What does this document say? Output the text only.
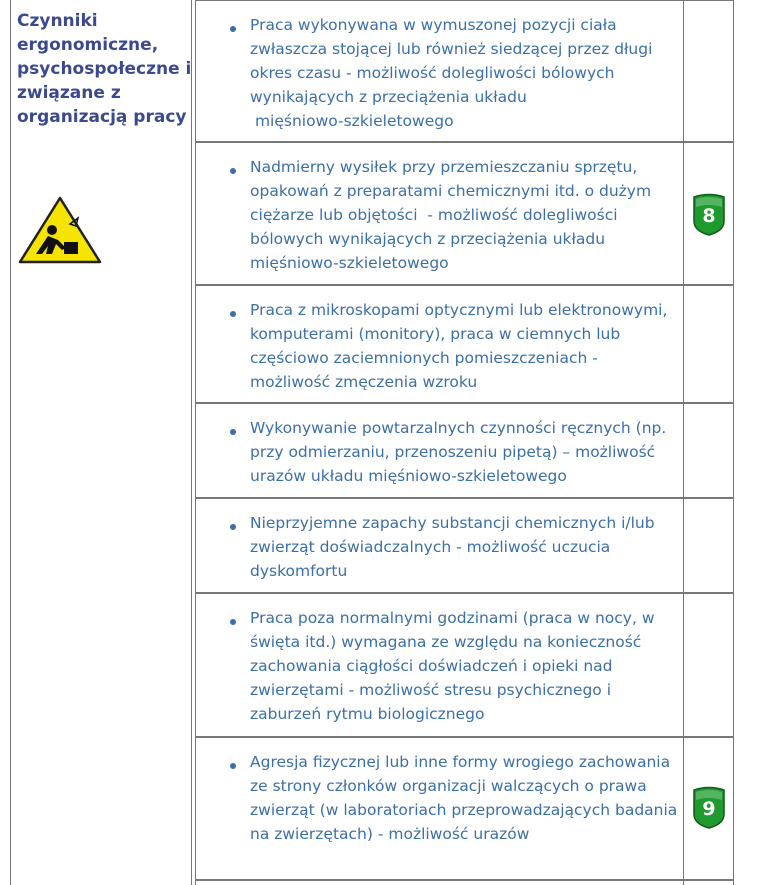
Czynniki ergonomiczne, psychospołeczne i związane z organizacją pracy
Praca wykonywana w wymuszonej pozycji ciała zwłaszcza stojącej lub również siedzącej przez długi okres czasu - możliwość dolegliwości bólowych wynikających z przeciążenia układu
mięśniowo-szkieletowego
Nadmierny wysiłek przy przemieszczaniu sprzętu, opakowań z preparatami chemicznymi itd. o dużym ciężarze lub objętości  - możliwość dolegliwości bólowych wynikających z przeciążenia układu mięśniowo-szkieletowego
8
Praca z mikroskopami optycznymi lub elektronowymi, komputerami (monitory), praca w ciemnych lub częściowo zaciemnionych pomieszczeniach - możliwość zmęczenia wzroku
Wykonywanie powtarzalnych czynności ręcznych (np. przy odmierzaniu, przenoszeniu pipetą) – możliwość urazów układu mięśniowo-szkieletowego
Nieprzyjemne zapachy substancji chemicznych i/lub zwierząt doświadczalnych - możliwość uczucia dyskomfortu
Praca poza normalnymi godzinami (praca w nocy, w święta itd.) wymagana ze względu na konieczność zachowania ciągłości doświadczeń i opieki nad zwierzętami - możliwość stresu psychicznego i zaburzeń rytmu biologicznego
Agresja fizycznej lub inne formy wrogiego zachowania ze strony członków organizacji walczących o prawa zwierząt (w laboratoriach przeprowadzających badania na zwierzętach) - możliwość urazów
9
